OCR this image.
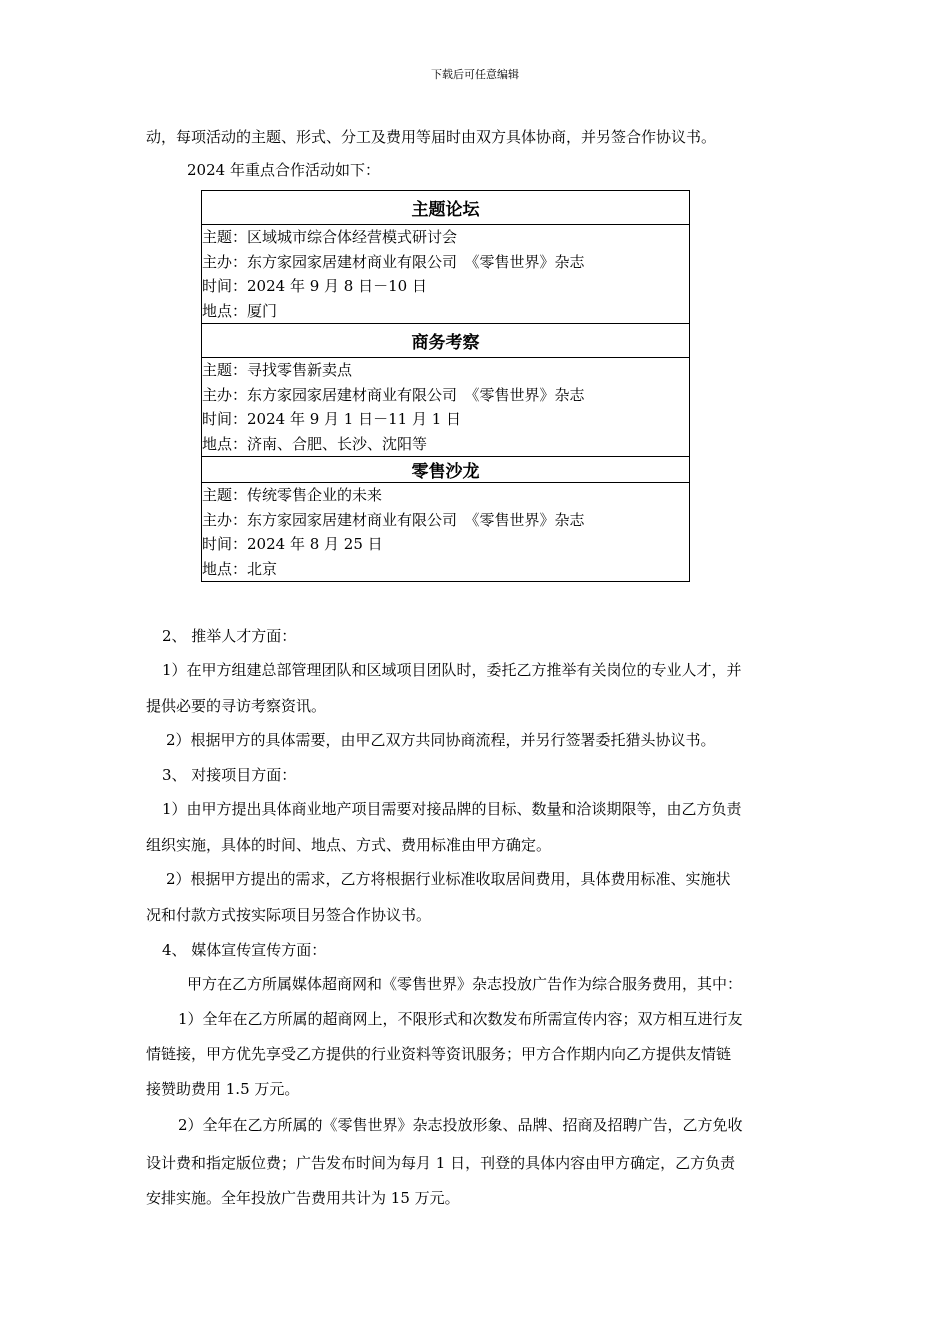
下载后可任意编辑
动，每项活动的主题、形式、分工及费用等届时由双方具体协商，并另签合作协议书。
2024 年重点合作活动如下：
主题论坛

主题：区域城市综合体经营模式研讨会
主办：东方家园家居建材商业有限公司　《零售世界》杂志
时间：2024 年 9 月 8 日－10 日
地点：厦门

商务考察

主题：寻找零售新卖点
主办：东方家园家居建材商业有限公司　《零售世界》杂志
时间：2024 年 9 月 1 日－11 月 1 日
地点：济南、合肥、长沙、沈阳等

零售沙龙

主题：传统零售企业的未来
主办：东方家园家居建材商业有限公司　《零售世界》杂志
时间：2024 年 8 月 25 日
地点：北京
2、 推举人才方面：
1）在甲方组建总部管理团队和区域项目团队时，委托乙方推举有关岗位的专业人才，并
提供必要的寻访考察资讯。
2）根据甲方的具体需要，由甲乙双方共同协商流程，并另行签署委托猎头协议书。
3、 对接项目方面：
1）由甲方提出具体商业地产项目需要对接品牌的目标、数量和洽谈期限等，由乙方负责
组织实施，具体的时间、地点、方式、费用标准由甲方确定。
2）根据甲方提出的需求，乙方将根据行业标准收取居间费用，具体费用标准、实施状
况和付款方式按实际项目另签合作协议书。
4、 媒体宣传宣传方面：
甲方在乙方所属媒体超商网和《零售世界》杂志投放广告作为综合服务费用，其中：
1）全年在乙方所属的超商网上，不限形式和次数发布所需宣传内容；双方相互进行友
情链接，甲方优先享受乙方提供的行业资料等资讯服务；甲方合作期内向乙方提供友情链
接赞助费用 1.5 万元。
2）全年在乙方所属的《零售世界》杂志投放形象、品牌、招商及招聘广告，乙方免收
设计费和指定版位费；广告发布时间为每月 1 日，刊登的具体内容由甲方确定，乙方负责
安排实施。全年投放广告费用共计为 15 万元。
